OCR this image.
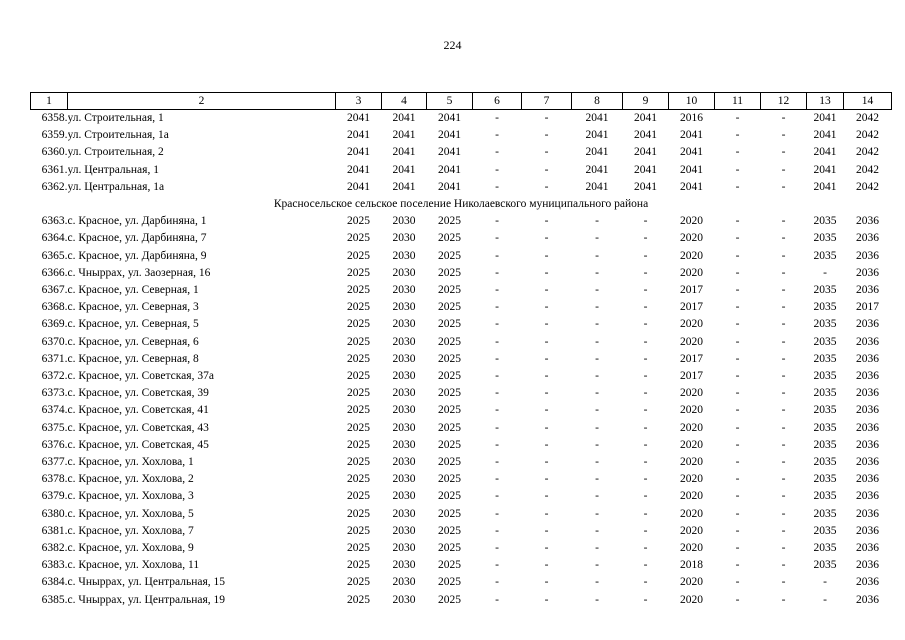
224
1	2	3	4	5	6	7	8	9	10	11	12	13	14
6358.	ул. Строительная, 1	2041	2041	2041	-	-	2041	2041	2016	-	-	2041	2042
6359.	ул. Строительная, 1а	2041	2041	2041	-	-	2041	2041	2041	-	-	2041	2042
6360.	ул. Строительная, 2	2041	2041	2041	-	-	2041	2041	2041	-	-	2041	2042
6361.	ул. Центральная, 1	2041	2041	2041	-	-	2041	2041	2041	-	-	2041	2042
6362.	ул. Центральная, 1а	2041	2041	2041	-	-	2041	2041	2041	-	-	2041	2042
Красносельское сельское поселение Николаевского муниципального района													
6363.	с. Красное, ул. Дарбиняна, 1	2025	2030	2025	-	-	-	-	2020	-	-	2035	2036
6364.	с. Красное, ул. Дарбиняна, 7	2025	2030	2025	-	-	-	-	2020	-	-	2035	2036
6365.	с. Красное, ул. Дарбиняна, 9	2025	2030	2025	-	-	-	-	2020	-	-	2035	2036
6366.	с. Чныррах, ул. Заозерная, 16	2025	2030	2025	-	-	-	-	2020	-	-	-	2036
6367.	с. Красное, ул. Северная, 1	2025	2030	2025	-	-	-	-	2017	-	-	2035	2036
6368.	с. Красное, ул. Северная, 3	2025	2030	2025	-	-	-	-	2017	-	-	2035	2017
6369.	с. Красное, ул. Северная, 5	2025	2030	2025	-	-	-	-	2020	-	-	2035	2036
6370.	с. Красное, ул. Северная, 6	2025	2030	2025	-	-	-	-	2020	-	-	2035	2036
6371.	с. Красное, ул. Северная, 8	2025	2030	2025	-	-	-	-	2017	-	-	2035	2036
6372.	с. Красное, ул. Советская, 37а	2025	2030	2025	-	-	-	-	2017	-	-	2035	2036
6373.	с. Красное, ул. Советская, 39	2025	2030	2025	-	-	-	-	2020	-	-	2035	2036
6374.	с. Красное, ул. Советская, 41	2025	2030	2025	-	-	-	-	2020	-	-	2035	2036
6375.	с. Красное, ул. Советская, 43	2025	2030	2025	-	-	-	-	2020	-	-	2035	2036
6376.	с. Красное, ул. Советская, 45	2025	2030	2025	-	-	-	-	2020	-	-	2035	2036
6377.	с. Красное, ул. Хохлова, 1	2025	2030	2025	-	-	-	-	2020	-	-	2035	2036
6378.	с. Красное, ул. Хохлова, 2	2025	2030	2025	-	-	-	-	2020	-	-	2035	2036
6379.	с. Красное, ул. Хохлова, 3	2025	2030	2025	-	-	-	-	2020	-	-	2035	2036
6380.	с. Красное, ул. Хохлова, 5	2025	2030	2025	-	-	-	-	2020	-	-	2035	2036
6381.	с. Красное, ул. Хохлова, 7	2025	2030	2025	-	-	-	-	2020	-	-	2035	2036
6382.	с. Красное, ул. Хохлова, 9	2025	2030	2025	-	-	-	-	2020	-	-	2035	2036
6383.	с. Красное, ул. Хохлова, 11	2025	2030	2025	-	-	-	-	2018	-	-	2035	2036
6384.	с. Чныррах, ул. Центральная, 15	2025	2030	2025	-	-	-	-	2020	-	-	-	2036
6385.	с. Чныррах, ул. Центральная, 19	2025	2030	2025	-	-	-	-	2020	-	-	-	2036
